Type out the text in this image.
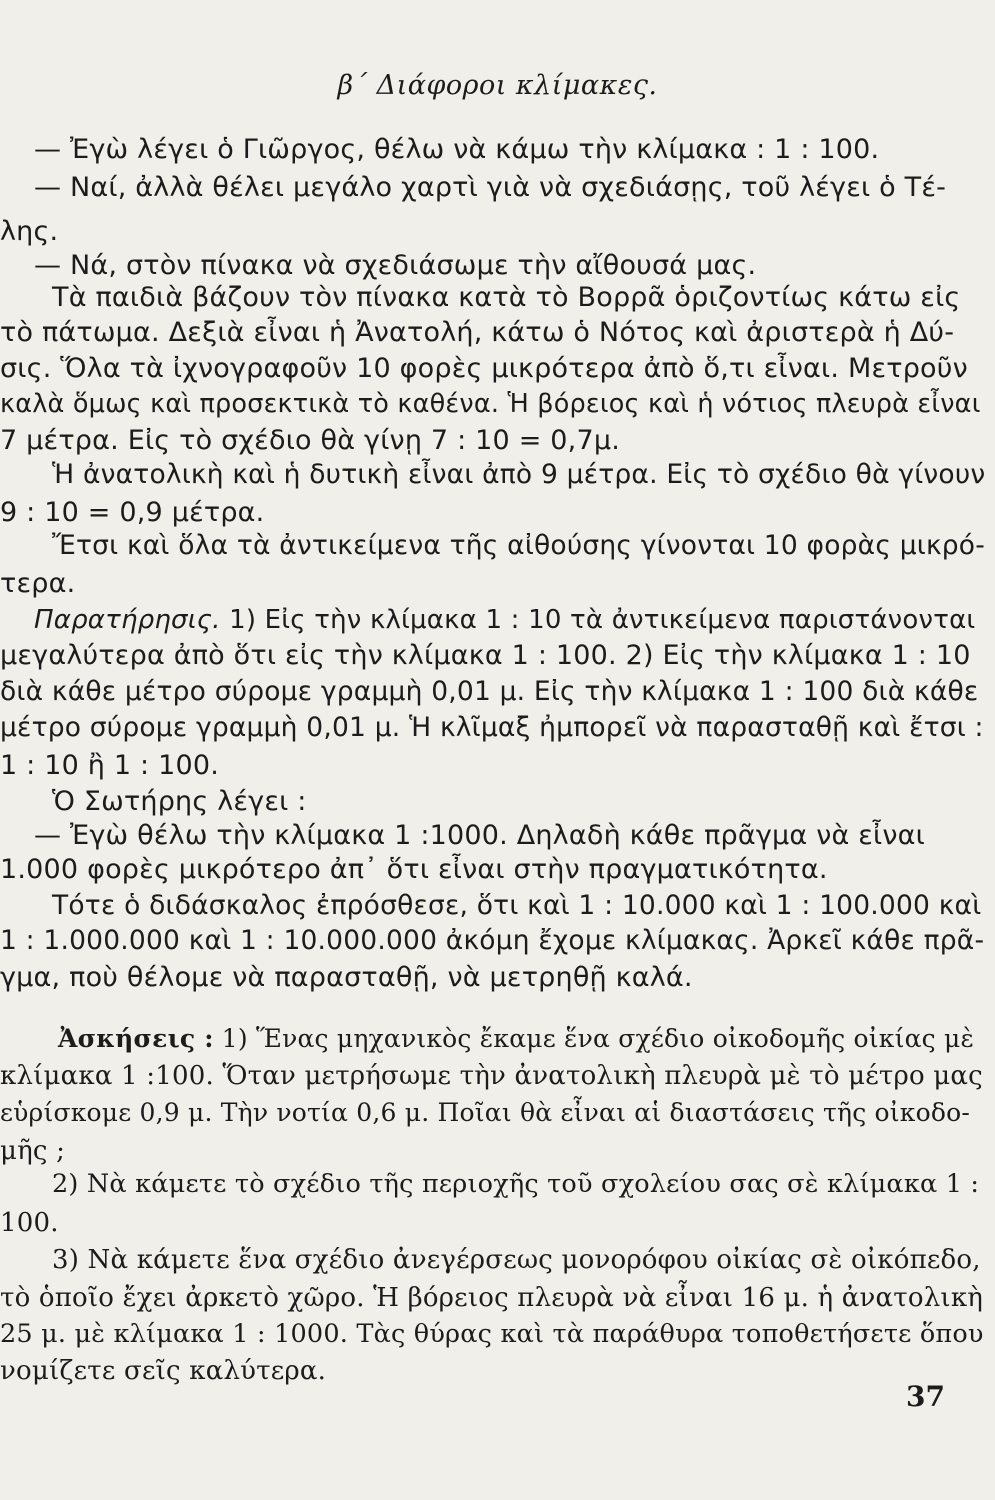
β΄ Διάφοροι κλίμακες.
— Ἐγὼ λέγει ὁ Γιῶργος, θέλω νὰ κάμω τὴν κλίμακα : 1 : 100.
— Ναί, ἀλλὰ θέλει μεγάλο χαρτὶ γιὰ νὰ σχεδιάσῃς, τοῦ λέγει ὁ Τέ-
λης.
— Νά, στὸν πίνακα νὰ σχεδιάσωμε τὴν αἴθουσά μας.
Τὰ παιδιὰ βάζουν τὸν πίνακα κατὰ τὸ Βορρᾶ ὁριζοντίως κάτω εἰς
τὸ πάτωμα. Δεξιὰ εἶναι ἡ Ἀνατολή, κάτω ὁ Νότος καὶ ἀριστερὰ ἡ Δύ-
σις. Ὅλα τὰ ἰχνογραφοῦν 10 φορὲς μικρότερα ἀπὸ ὅ,τι εἶναι. Μετροῦν
καλὰ ὅμως καὶ προσεκτικὰ τὸ καθένα. Ἡ βόρειος καὶ ἡ νότιος πλευρὰ εἶναι
7 μέτρα. Εἰς τὸ σχέδιο θὰ γίνῃ 7 : 10 = 0,7μ.
Ἡ ἀνατολικὴ καὶ ἡ δυτικὴ εἶναι ἀπὸ 9 μέτρα. Εἰς τὸ σχέδιο θὰ γίνουν
9 : 10 = 0,9 μέτρα.
Ἔτσι καὶ ὅλα τὰ ἀντικείμενα τῆς αἰθούσης γίνονται 10 φορὰς μικρό-
τερα.
Παρατήρησις. 1) Εἰς τὴν κλίμακα 1 : 10 τὰ ἀντικείμενα παριστάνονται
μεγαλύτερα ἀπὸ ὅτι εἰς τὴν κλίμακα 1 : 100. 2) Εἰς τὴν κλίμακα 1 : 10
διὰ κάθε μέτρο σύρομε γραμμὴ 0,01 μ. Εἰς τὴν κλίμακα 1 : 100 διὰ κάθε
μέτρο σύρομε γραμμὴ 0,01 μ. Ἡ κλῖμαξ ἠμπορεῖ νὰ παρασταθῇ καὶ ἔτσι :
1 : 10 ἢ 1 : 100.
Ὁ Σωτήρης λέγει :
— Ἐγὼ θέλω τὴν κλίμακα 1 :1000. Δηλαδὴ κάθε πρᾶγμα νὰ εἶναι
1.000 φορὲς μικρότερο ἀπ᾿ ὅτι εἶναι στὴν πραγματικότητα.
Τότε ὁ διδάσκαλος ἐπρόσθεσε, ὅτι καὶ 1 : 10.000 καὶ 1 : 100.000 καὶ
1 : 1.000.000 καὶ 1 : 10.000.000 ἀκόμη ἔχομε κλίμακας. Ἀρκεῖ κάθε πρᾶ-
γμα, ποὺ θέλομε νὰ παρασταθῇ, νὰ μετρηθῇ καλά.
Ἀσκήσεις : 1) Ἕνας μηχανικὸς ἔκαμε ἕνα σχέδιο οἰκοδομῆς οἰκίας μὲ
κλίμακα 1 :100. Ὅταν μετρήσωμε τὴν ἀνατολικὴ πλευρὰ μὲ τὸ μέτρο μας
εὑρίσκομε 0,9 μ. Τὴν νοτία 0,6 μ. Ποῖαι θὰ εἶναι αἱ διαστάσεις τῆς οἰκοδο-
μῆς ;
2) Νὰ κάμετε τὸ σχέδιο τῆς περιοχῆς τοῦ σχολείου σας σὲ κλίμακα 1 :
100.
3) Νὰ κάμετε ἕνα σχέδιο ἀνεγέρσεως μονορόφου οἰκίας σὲ οἰκόπεδο,
τὸ ὁποῖο ἔχει ἀρκετὸ χῶρο. Ἡ βόρειος πλευρὰ νὰ εἶναι 16 μ. ἡ ἀνατολικὴ
25 μ. μὲ κλίμακα 1 : 1000. Τὰς θύρας καὶ τὰ παράθυρα τοποθετήσετε ὅπου
νομίζετε σεῖς καλύτερα.
37
